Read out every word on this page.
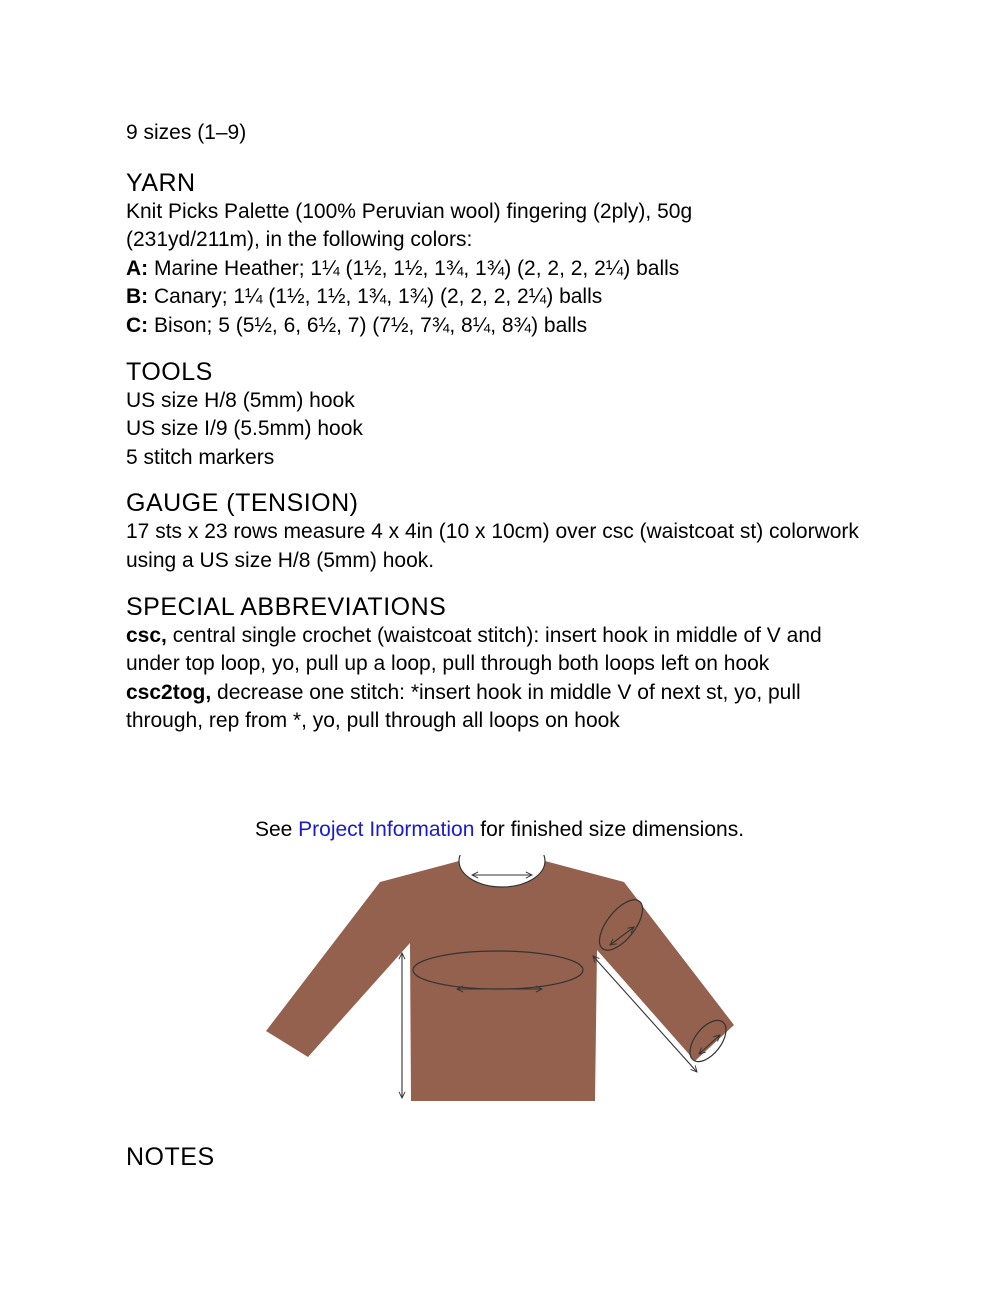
9 sizes (1–9)

YARN

Knit Picks Palette (100% Peruvian wool) fingering (2ply), 50g (231yd/211m), in the following colors:

A: Marine Heather; 1¼ (1½, 1½, 1¾, 1¾) (2, 2, 2, 2¼) balls

B: Canary; 1¼ (1½, 1½, 1¾, 1¾) (2, 2, 2, 2¼) balls

C: Bison; 5 (5½, 6, 6½, 7) (7½, 7¾, 8¼, 8¾) balls

TOOLS

US size H/8 (5mm) hook

US size I/9 (5.5mm) hook

5 stitch markers

GAUGE (TENSION)

17 sts x 23 rows measure 4 x 4in (10 x 10cm) over csc (waistcoat st) colorwork using a US size H/8 (5mm) hook.

SPECIAL ABBREVIATIONS

csc, central single crochet (waistcoat stitch): insert hook in middle of V and under top loop, yo, pull up a loop, pull through both loops left on hook

csc2tog, decrease one stitch: *insert hook in middle V of next st, yo, pull through, rep from *, yo, pull through all loops on hook

See Project Information for finished size dimensions.

NOTES
